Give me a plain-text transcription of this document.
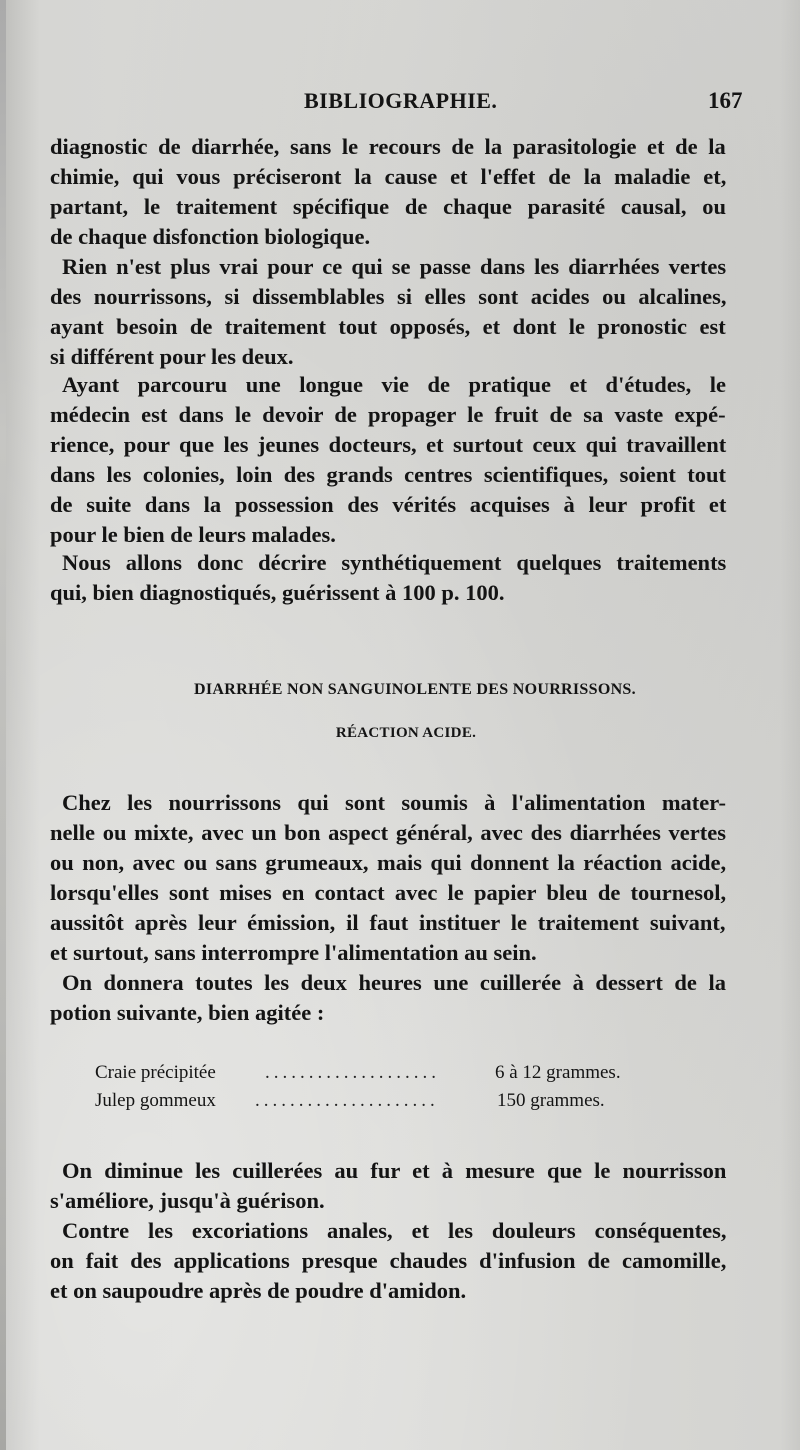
BIBLIOGRAPHIE.	167

diagnostic de diarrhée, sans le recours de la parasitologie et de la
chimie, qui vous préciseront la cause et l'effet de la maladie et,
partant, le traitement spécifique de chaque parasité causal, ou
de chaque disfonction biologique.

Rien n'est plus vrai pour ce qui se passe dans les diarrhées vertes
des nourrissons, si dissemblables si elles sont acides ou alcalines,
ayant besoin de traitement tout opposés, et dont le pronostic est
si différent pour les deux.

Ayant parcouru une longue vie de pratique et d'études, le
médecin est dans le devoir de propager le fruit de sa vaste expé-
rience, pour que les jeunes docteurs, et surtout ceux qui travaillent
dans les colonies, loin des grands centres scientifiques, soient tout
de suite dans la possession des vérités acquises à leur profit et
pour le bien de leurs malades.

Nous allons donc décrire synthétiquement quelques traitements
qui, bien diagnostiqués, guérissent à 100 p. 100.

DIARRHÉE NON SANGUINOLENTE DES NOURRISSONS.
RÉACTION ACIDE.

Chez les nourrissons qui sont soumis à l'alimentation mater-
nelle ou mixte, avec un bon aspect général, avec des diarrhées vertes
ou non, avec ou sans grumeaux, mais qui donnent la réaction acide,
lorsqu'elles sont mises en contact avec le papier bleu de tournesol,
aussitôt après leur émission, il faut instituer le traitement suivant,
et surtout, sans interrompre l'alimentation au sein.

On donnera toutes les deux heures une cuillerée à dessert de la
potion suivante, bien agitée :

Craie précipitée	....................	6 à 12 grammes.
Julep gommeux .....................	150 grammes.

On diminue les cuillerées au fur et à mesure que le nourrisson
s'améliore, jusqu'à guérison.

Contre les excoriations anales, et les douleurs conséquentes,
on fait des applications presque chaudes d'infusion de camomille,
et on saupoudre après de poudre d'amidon.
